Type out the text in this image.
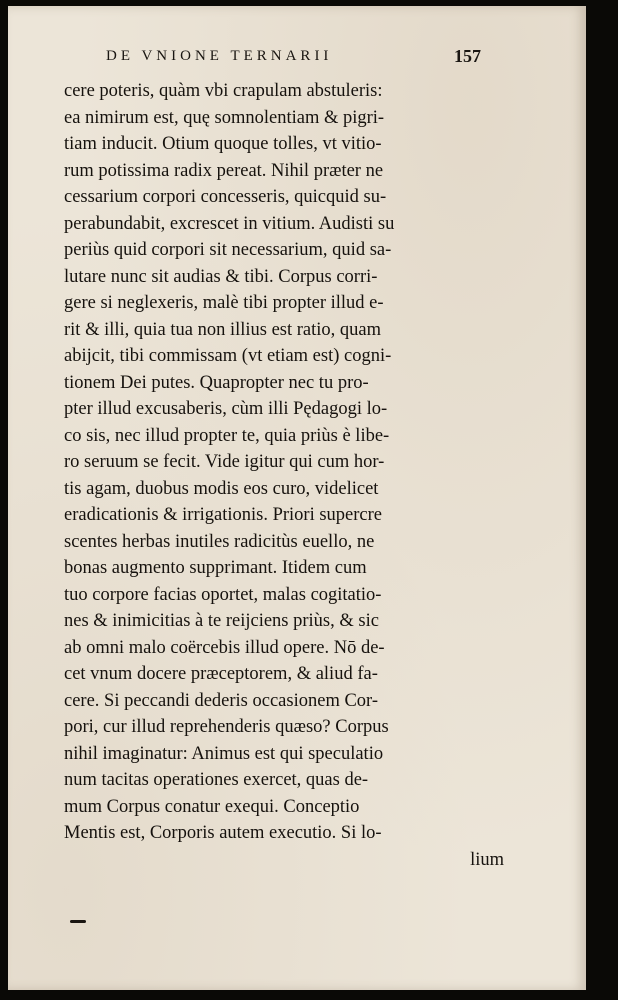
DE VNIONE TERNARII	157
cere poteris, quàm vbi crapulam abstuleris:
ea nimirum est, quę somnolentiam & pigri-
tiam inducit. Otium quoque tolles, vt vitio-
rum potissima radix pereat. Nihil præter ne
cessarium corpori concesseris, quicquid su-
perabundabit, excrescet in vitium. Audisti su
periùs quid corpori sit necessarium, quid sa-
lutare nunc sit audias & tibi. Corpus corri-
gere si neglexeris, malè tibi propter illud e-
rit & illi, quia tua non illius est ratio, quam
abijcit, tibi commissam (vt etiam est) cogni-
tionem Dei putes. Quapropter nec tu pro-
pter illud excusaberis, cùm illi Pędagogi lo-
co sis, nec illud propter te, quia priùs è libe-
ro seruum se fecit. Vide igitur qui cum hor-
tis agam, duobus modis eos curo, videlicet
eradicationis & irrigationis. Priori supercre
scentes herbas inutiles radicitùs euello, ne
bonas augmento supprimant. Itidem cum
tuo corpore facias oportet, malas cogitatio-
nes & inimicitias à te reijciens priùs, & sic
ab omni malo coërcebis illud opere. Nō de-
cet vnum docere præceptorem, & aliud fa-
cere. Si peccandi dederis occasionem Cor-
pori, cur illud reprehenderis quæso? Corpus
nihil imaginatur: Animus est qui speculatio
num tacitas operationes exercet, quas de-
mum Corpus conatur exequi. Conceptio
Mentis est, Corporis autem executio. Si lo-
lium
